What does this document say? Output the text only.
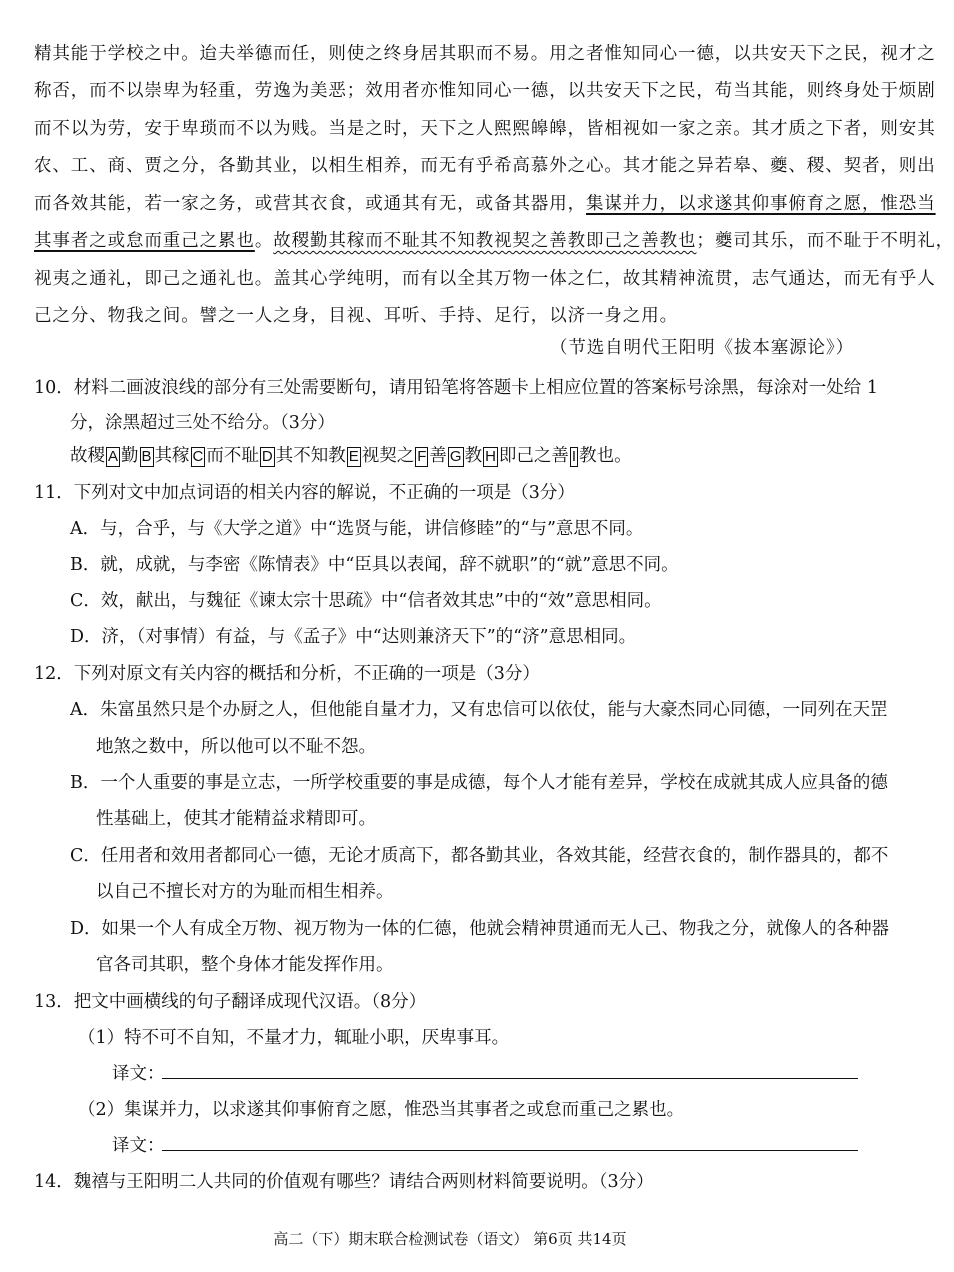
精其能于学校之中。迨夫举德而任，则使之终身居其职而不易。用之者惟知同心一德，以共安天下之民，视才之
称否，而不以崇卑为轻重，劳逸为美恶；效用者亦惟知同心一德，以共安天下之民，苟当其能，则终身处于烦剧
而不以为劳，安于卑琐而不以为贱。当是之时，天下之人熙熙皞皞，皆相视如一家之亲。其才质之下者，则安其
农、工、商、贾之分，各勤其业，以相生相养，而无有乎希高慕外之心。其才能之异若皋、夔、稷、契者，则出
而各效其能，若一家之务，或营其衣食，或通其有无，或备其器用，集谋并力，以求遂其仰事俯育之愿，惟恐当
其事者之或怠而重己之累也。故稷勤其稼而不耻其不知教视契之善教即己之善教也；夔司其乐，而不耻于不明礼，
视夷之通礼，即己之通礼也。盖其心学纯明，而有以全其万物一体之仁，故其精神流贯，志气通达，而无有乎人
己之分、物我之间。譬之一人之身，目视、耳听、手持、足行，以济一身之用。
（节选自明代王阳明《拔本塞源论》）
10．材料二画波浪线的部分有三处需要断句，请用铅笔将答题卡上相应位置的答案标号涂黑，每涂对一处给 1
分，涂黑超过三处不给分。（3分）
故稷 A 勤 B 其稼 C 而不耻 D 其不知教 E 视契之 F 善 G 教 H 即己之善 I 教也。
11．下列对文中加点词语的相关内容的解说，不正确的一项是（3分）
A．与，合乎，与《大学之道》中“选贤与能，讲信修睦”的“与”意思不同。
B．就，成就，与李密《陈情表》中“臣具以表闻，辞不就职”的“就”意思不同。
C．效，献出，与魏征《谏太宗十思疏》中“信者效其忠”中的“效”意思相同。
D．济，（对事情）有益，与《孟子》中“达则兼济天下”的“济”意思相同。
12．下列对原文有关内容的概括和分析，不正确的一项是（3分）
A．朱富虽然只是个办厨之人，但他能自量才力，又有忠信可以依仗，能与大豪杰同心同德，一同列在天罡
地煞之数中，所以他可以不耻不怨。
B．一个人重要的事是立志，一所学校重要的事是成德，每个人才能有差异，学校在成就其成人应具备的德
性基础上，使其才能精益求精即可。
C．任用者和效用者都同心一德，无论才质高下，都各勤其业，各效其能，经营衣食的，制作器具的，都不
以自己不擅长对方的为耻而相生相养。
D．如果一个人有成全万物、视万物为一体的仁德，他就会精神贯通而无人己、物我之分，就像人的各种器
官各司其职，整个身体才能发挥作用。
13．把文中画横线的句子翻译成现代汉语。（8分）
（1）特不可不自知，不量才力，辄耻小职，厌卑事耳。
译文：
（2）集谋并力，以求遂其仰事俯育之愿，惟恐当其事者之或怠而重己之累也。
译文：
14．魏禧与王阳明二人共同的价值观有哪些？请结合两则材料简要说明。（3分）
高二（下）期末联合检测试卷（语文） 第6页 共14页
